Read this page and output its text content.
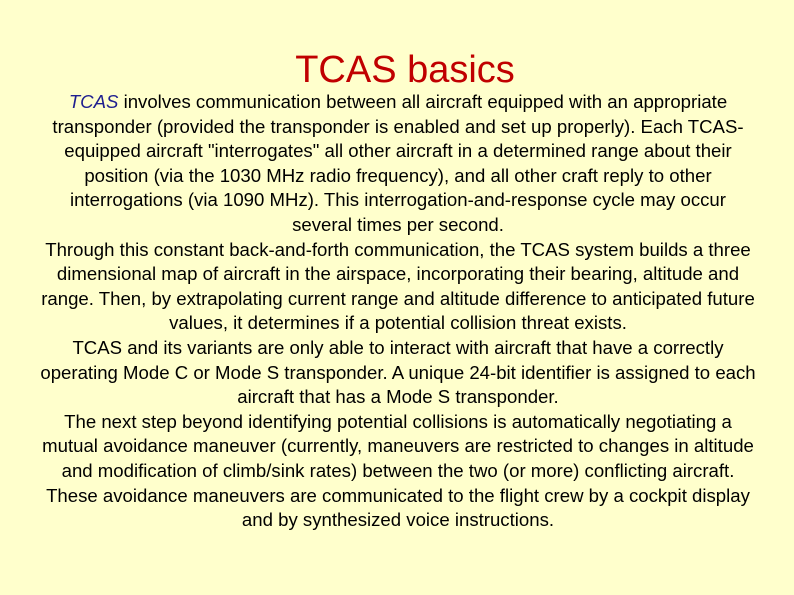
TCAS basics

TCAS involves communication between all aircraft equipped with an appropriate transponder (provided the transponder is enabled and set up properly). Each TCAS-equipped aircraft "interrogates" all other aircraft in a determined range about their position (via the 1030 MHz radio frequency), and all other craft reply to other interrogations (via 1090 MHz). This interrogation-and-response cycle may occur several times per second.

Through this constant back-and-forth communication, the TCAS system builds a three dimensional map of aircraft in the airspace, incorporating their bearing, altitude and range. Then, by extrapolating current range and altitude difference to anticipated future values, it determines if a potential collision threat exists.

TCAS and its variants are only able to interact with aircraft that have a correctly operating Mode C or Mode S transponder. A unique 24-bit identifier is assigned to each aircraft that has a Mode S transponder.

The next step beyond identifying potential collisions is automatically negotiating a mutual avoidance maneuver (currently, maneuvers are restricted to changes in altitude and modification of climb/sink rates) between the two (or more) conflicting aircraft. These avoidance maneuvers are communicated to the flight crew by a cockpit display and by synthesized voice instructions.
